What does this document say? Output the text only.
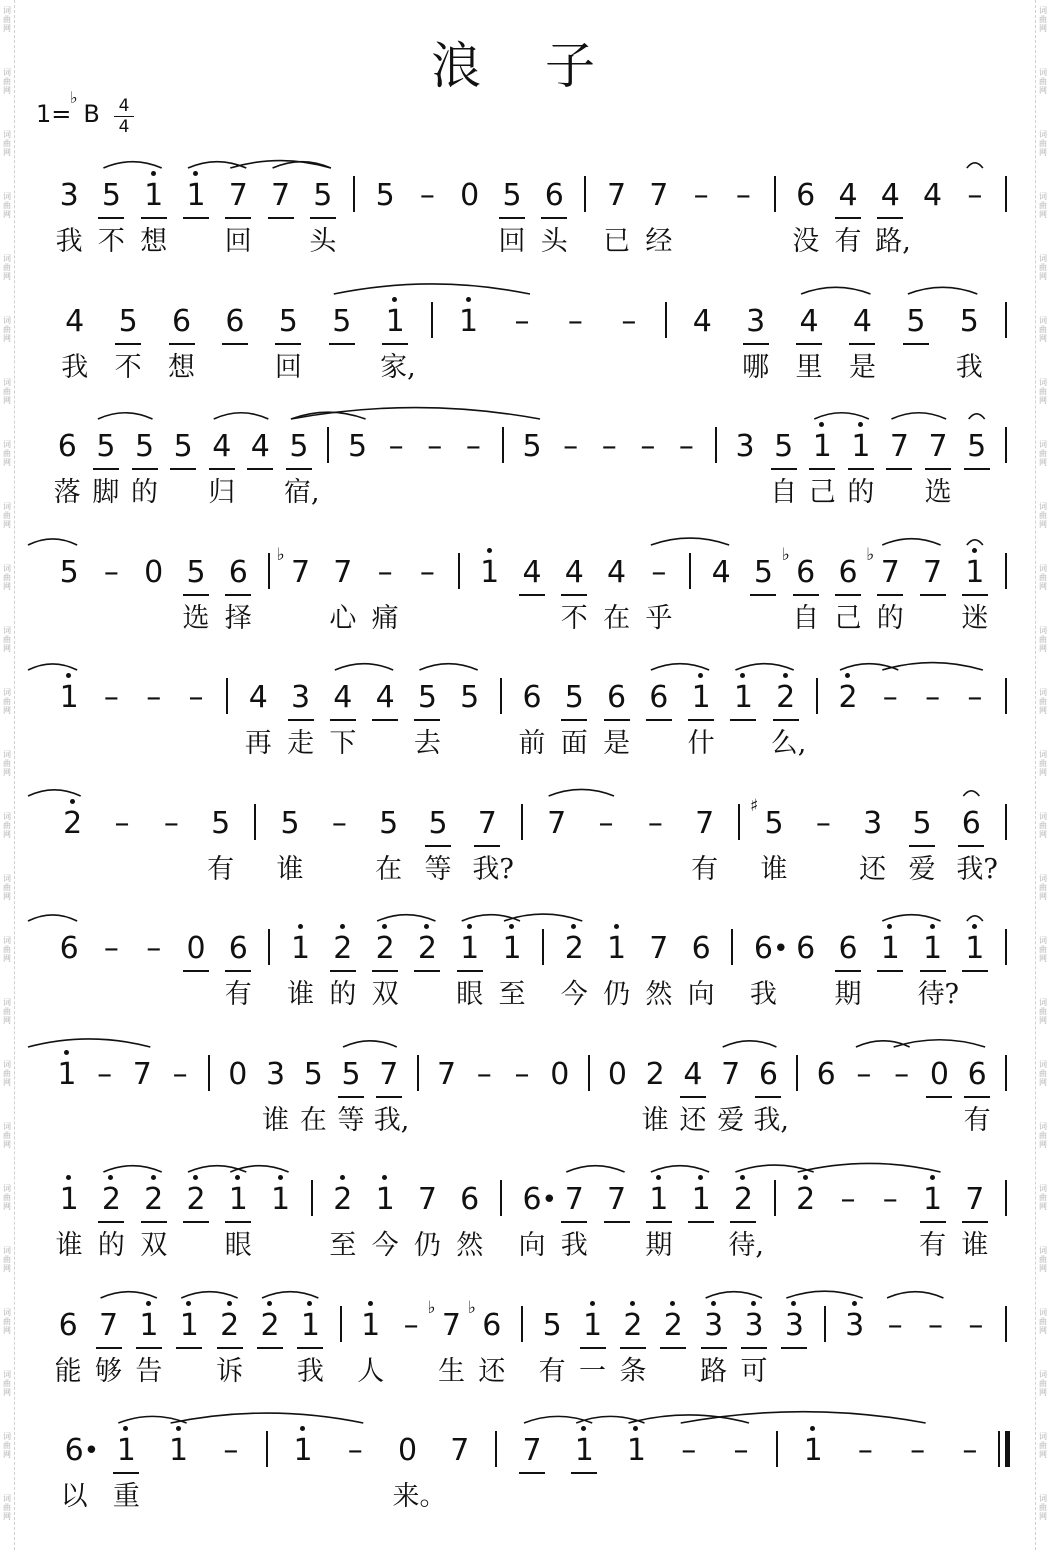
词
曲
网
词
曲
网
词
曲
网
词
曲
网
词
曲
网
词
曲
网
词
曲
网
词
曲
网
词
曲
网
词
曲
网
词
曲
网
词
曲
网
词
曲
网
词
曲
网
词
曲
网
词
曲
网
词
曲
网
词
曲
网
词
曲
网
词
曲
网
词
曲
网
词
曲
网
词
曲
网
词
曲
网
词
曲
网
词
曲
网
词
曲
网
词
曲
网
词
曲
网
词
曲
网
词
曲
网
词
曲
网
词
曲
网
词
曲
网
词
曲
网
词
曲
网
词
曲
网
词
曲
网
词
曲
网
词
曲
网
词
曲
网
词
曲
网
词
曲
网
词
曲
网
词
曲
网
词
曲
网
词
曲
网
词
曲
网
词
曲
网
词
曲
网
浪 子
1=
♭
B 4
4
3 5 1 1 7 7 5 5 – 0 5 6 7 7 – – 6 4 4 4 –
我 不 想 回 头	回 头 已 经	没 有 路,
4 5 6 6 5 5 1 1 – – – 4 3 4 4 5 5
我 不 想	回	家,	哪 里 是	我
6 5 5 5 4 4 5 5 – – – 5 – – – – 3 5 1 1 7 7 5
落 脚 的 归 宿,	自 己 的 选
5 – 0 5 6 7
♭ 7 – – 1 4 4 4 – 4 5 6
♭ 6 7
♭ 7 1
选 择	心 痛	不 在 乎	自 己 的 迷
1 – – – 4 3 4 4 5 5 6 5 6 6 1 1 2 2 – – –
再 走 下 去	前 面 是 什 么,
2 – – 5 5 – 5 5 7 7 – – 7 5
♯ – 3 5 6
有 谁	在 等 我?	有 谁	还 爱 我?
6 – – 0 6 1 2 2 2 1 1 2 1 7 6 6 • 6 6 1 1 1
有 谁 的 双 眼 至 今 仍 然 向 我 期 待?
1 – 7 – 0 3 5 5 7 7 – – 0 0 2 4 7 6 6 – – 0 6
谁 在 等 我,	谁 还 爱 我,	有
1 2 2 2 1 1 2 1 7 6 6 • 7 7 1 1 2 2 – – 1 7
谁 的 双 眼	至 今 仍 然 向 我 期 待,	有 谁
6 7 1 1 2 2 1 1 – 7
♭ 6
♭ 5 1 2 2 3 3 3 3 – – –
能 够 告 诉 我 人 生 还 有 一 条 路 可
6 • 1 1 – 1 – 0 7 7 1 1 – – 1 – – –
以 重	来。
